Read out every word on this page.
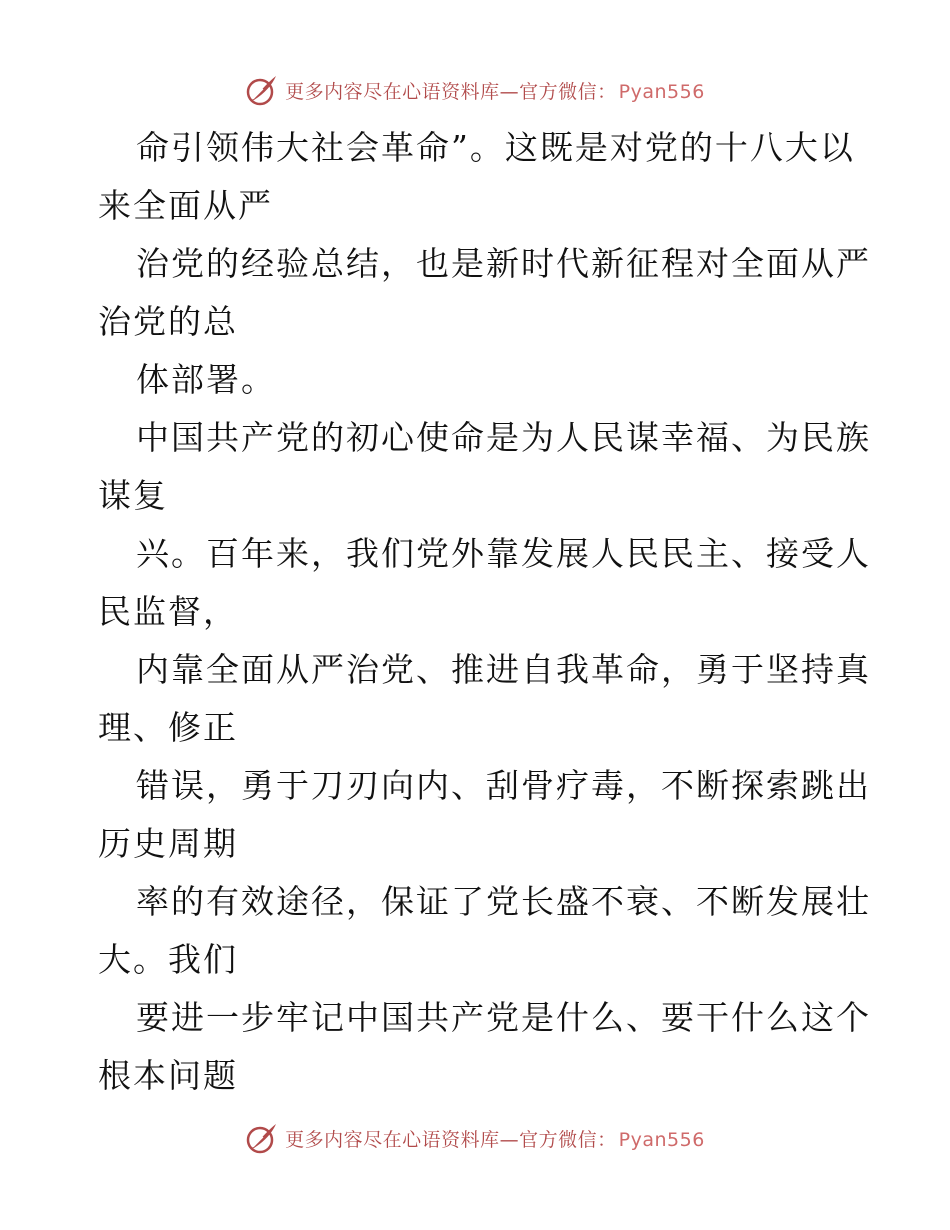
更多内容尽在心语资料库—官方微信： Pyan556
命引领伟大社会革命”。这既是对党的十八大以
来全面从严
治党的经验总结，也是新时代新征程对全面从严
治党的总
体部署。
中国共产党的初心使命是为人民谋幸福、为民族
谋复
兴。百年来，我们党外靠发展人民民主、接受人
民监督，
内靠全面从严治党、推进自我革命，勇于坚持真
理、修正
错误，勇于刀刃向内、刮骨疗毒，不断探索跳出
历史周期
率的有效途径，保证了党长盛不衰、不断发展壮
大。我们
要进一步牢记中国共产党是什么、要干什么这个
根本问题
更多内容尽在心语资料库—官方微信： Pyan556
